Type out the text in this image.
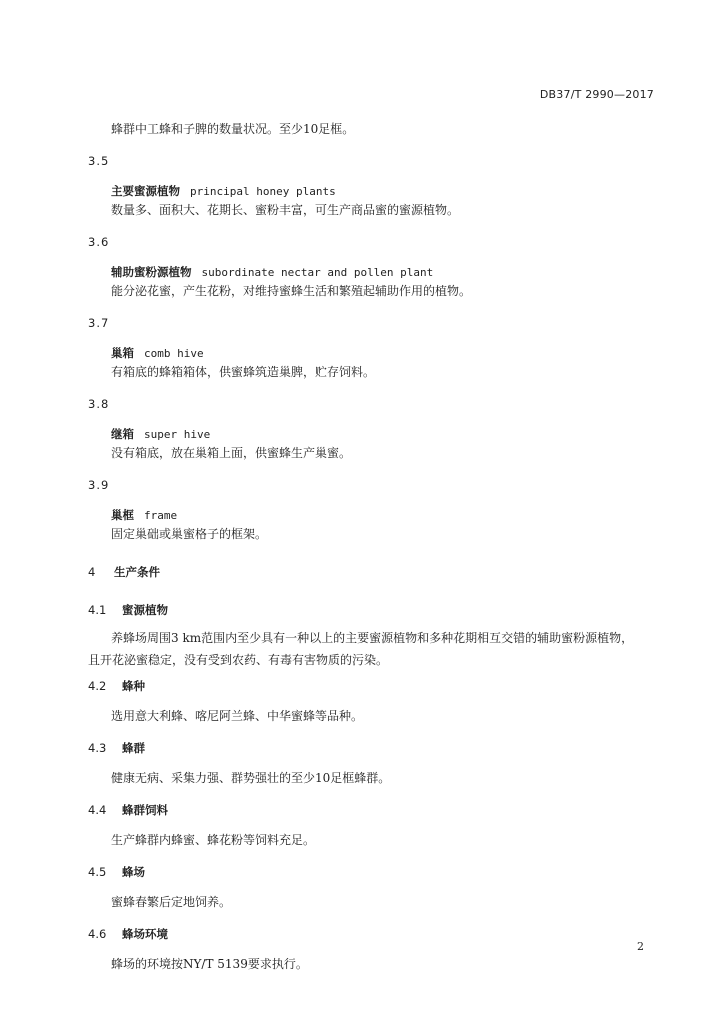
DB37/T 2990—2017
蜂群中工蜂和子脾的数量状况。至少10足框。
3.5
主要蜜源植物 principal honey plants
数量多、面积大、花期长、蜜粉丰富，可生产商品蜜的蜜源植物。
3.6
辅助蜜粉源植物 subordinate nectar and pollen plant
能分泌花蜜，产生花粉，对维持蜜蜂生活和繁殖起辅助作用的植物。
3.7
巢箱 comb hive
有箱底的蜂箱箱体，供蜜蜂筑造巢脾，贮存饲料。
3.8
继箱 super hive
没有箱底，放在巢箱上面，供蜜蜂生产巢蜜。
3.9
巢框 frame
固定巢础或巢蜜格子的框架。
4 生产条件
4.1 蜜源植物
养蜂场周围3 km范围内至少具有一种以上的主要蜜源植物和多种花期相互交错的辅助蜜粉源植物，
且开花泌蜜稳定，没有受到农药、有毒有害物质的污染。
4.2 蜂种
选用意大利蜂、喀尼阿兰蜂、中华蜜蜂等品种。
4.3 蜂群
健康无病、采集力强、群势强壮的至少10足框蜂群。
4.4 蜂群饲料
生产蜂群内蜂蜜、蜂花粉等饲料充足。
4.5 蜂场
蜜蜂春繁后定地饲养。
4.6 蜂场环境
蜂场的环境按NY/T 5139要求执行。
2
